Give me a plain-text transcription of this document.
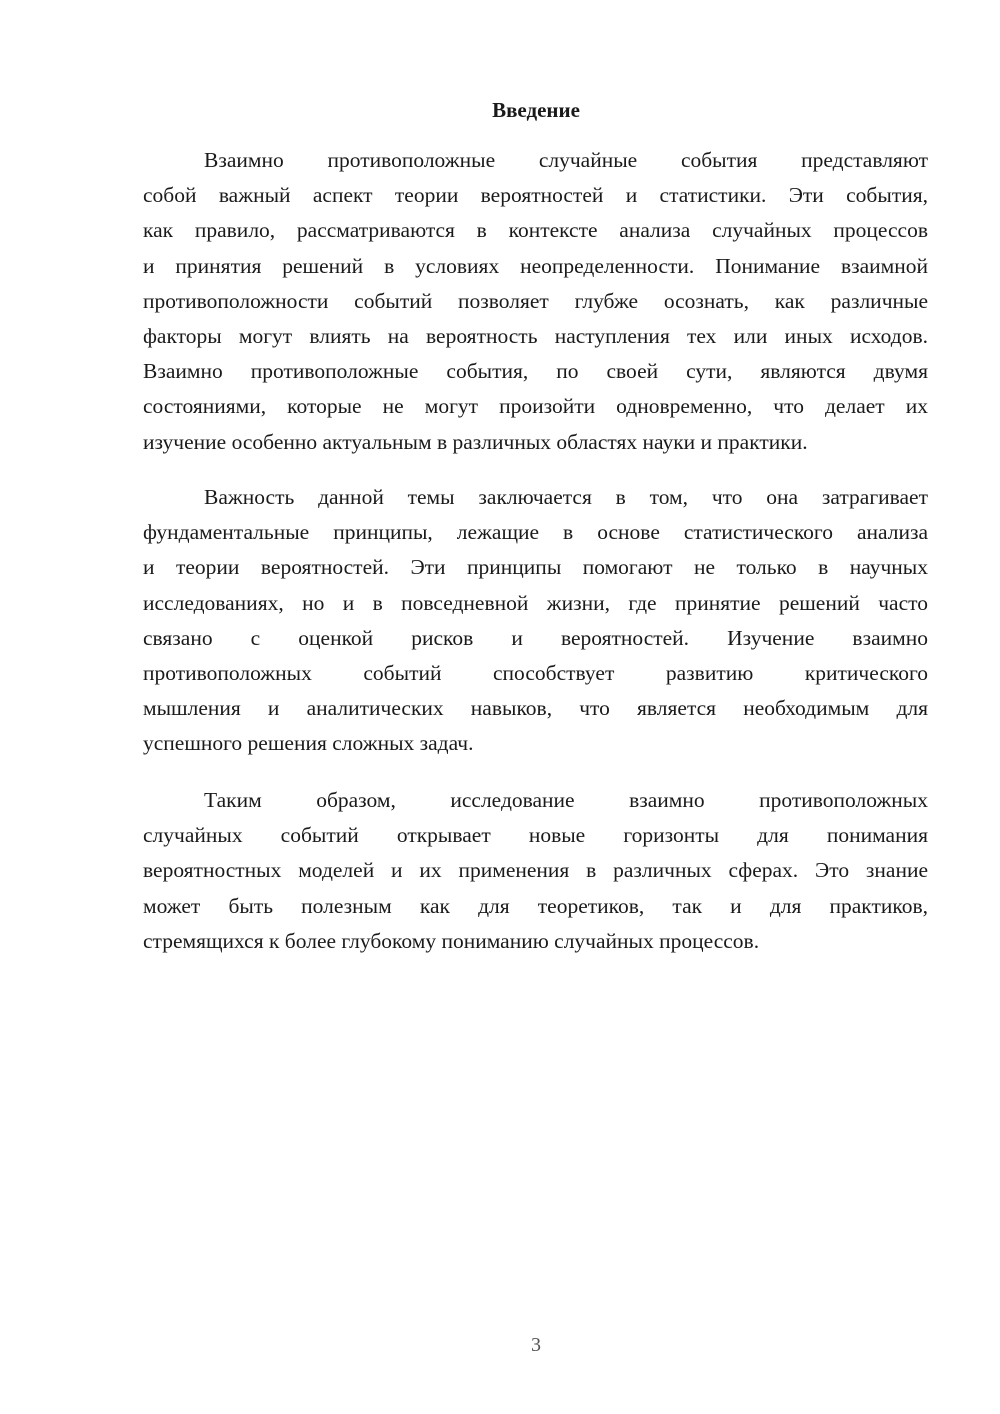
Введение
Взаимно противоположные случайные события представляют
собой важный аспект теории вероятностей и статистики. Эти события,
как правило, рассматриваются в контексте анализа случайных процессов
и принятия решений в условиях неопределенности. Понимание взаимной
противоположности событий позволяет глубже осознать, как различные
факторы могут влиять на вероятность наступления тех или иных исходов.
Взаимно противоположные события, по своей сути, являются двумя
состояниями, которые не могут произойти одновременно, что делает их
изучение особенно актуальным в различных областях науки и практики.
Важность данной темы заключается в том, что она затрагивает
фундаментальные принципы, лежащие в основе статистического анализа
и теории вероятностей. Эти принципы помогают не только в научных
исследованиях, но и в повседневной жизни, где принятие решений часто
связано с оценкой рисков и вероятностей. Изучение взаимно
противоположных событий способствует развитию критического
мышления и аналитических навыков, что является необходимым для
успешного решения сложных задач.
Таким образом, исследование взаимно противоположных
случайных событий открывает новые горизонты для понимания
вероятностных моделей и их применения в различных сферах. Это знание
может быть полезным как для теоретиков, так и для практиков,
стремящихся к более глубокому пониманию случайных процессов.
3
